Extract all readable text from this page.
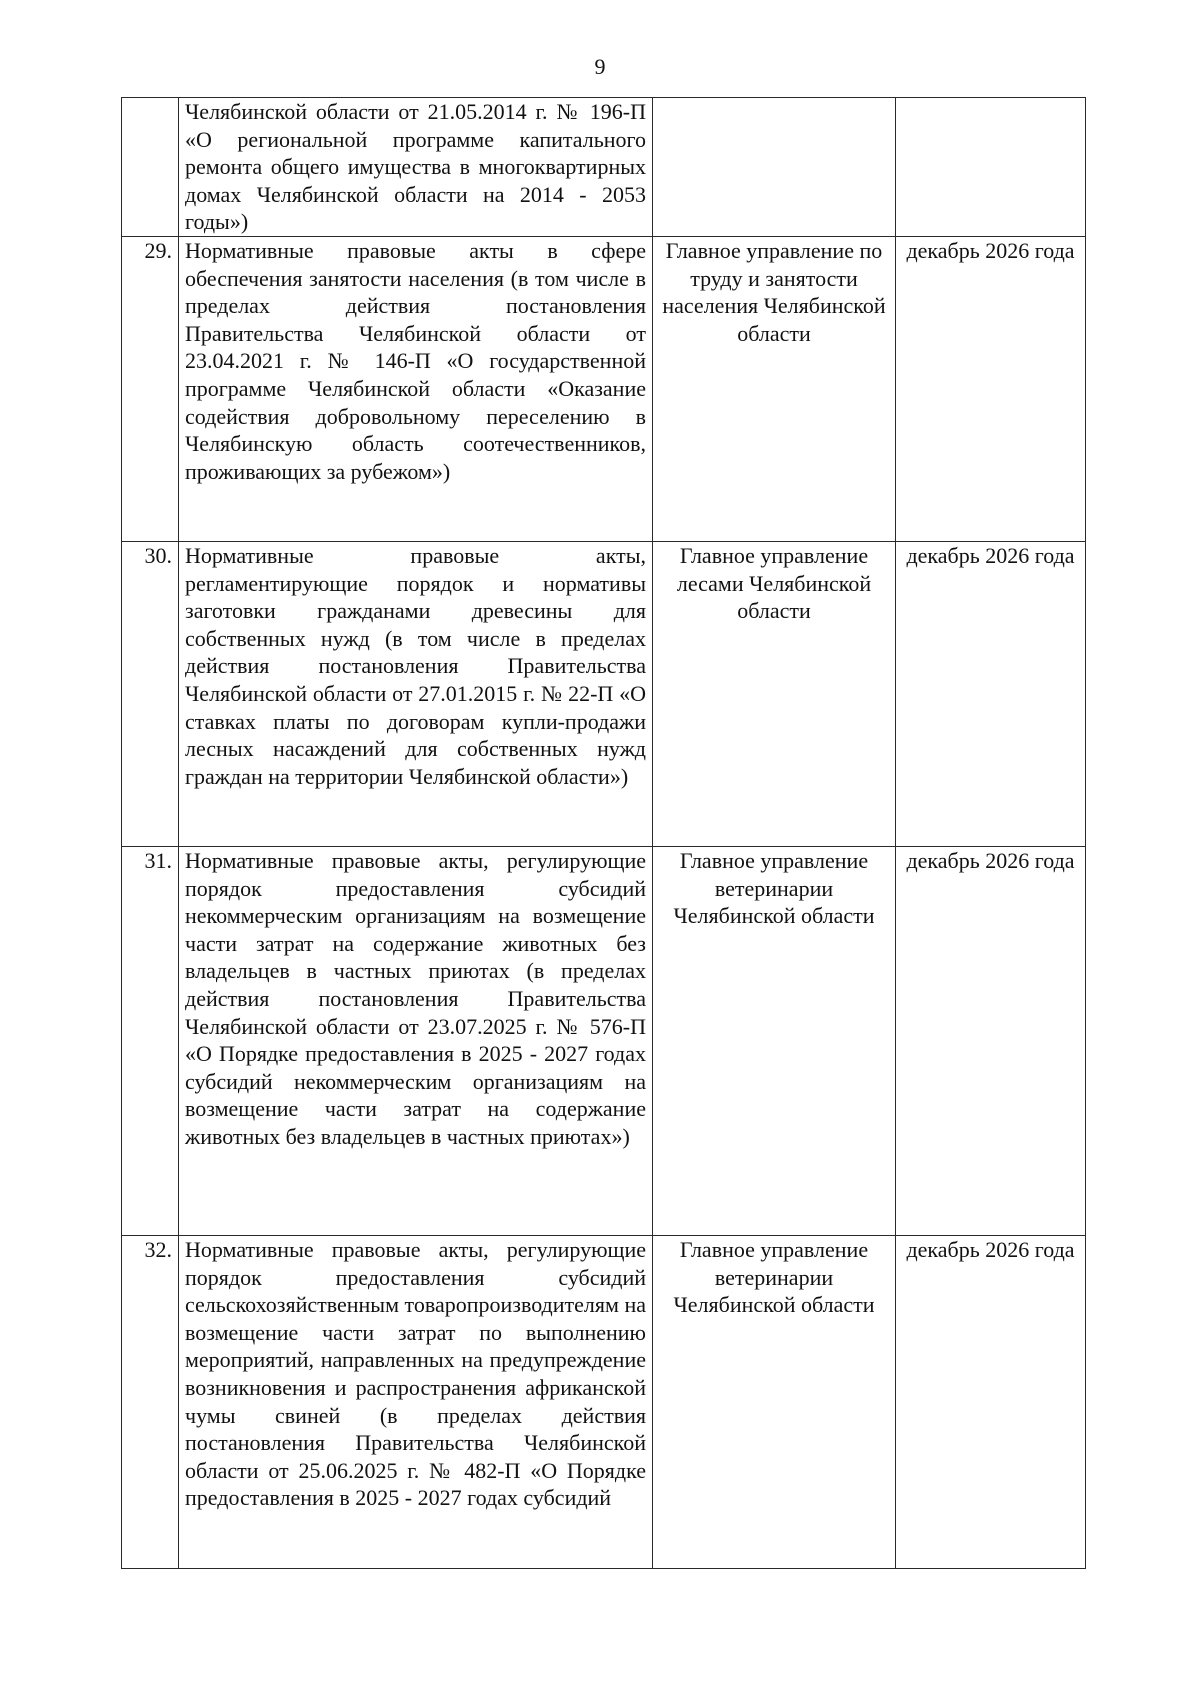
9
	Челябинской области от 21.05.2014 г. № 196-П «О региональной программе капитального ремонта общего имущества в многоквартирных домах Челябинской области на 2014 - 2053 годы»)		
29.	Нормативные правовые акты в сфере обеспечения занятости населения (в том числе в пределах действия постановления Правительства Челябинской области от 23.04.2021 г. № 146-П «О государственной программе Челябинской области «Оказание содействия добровольному переселению в Челябинскую область соотечественников, проживающих за рубежом»)	Главное управление по труду и занятости населения Челябинской области	декабрь 2026 года
30.	Нормативные правовые акты, регламентирующие порядок и нормативы заготовки гражданами древесины для собственных нужд (в том числе в пределах действия постановления Правительства Челябинской области от 27.01.2015 г. № 22-П «О ставках платы по договорам купли-продажи лесных насаждений для собственных нужд граждан на территории Челябинской области»)	Главное управление лесами Челябинской области	декабрь 2026 года
31.	Нормативные правовые акты, регулирующие порядок предоставления субсидий некоммерческим организациям на возмещение части затрат на содержание животных без владельцев в частных приютах (в пределах действия постановления Правительства Челябинской области от 23.07.2025 г. № 576-П «О Порядке предоставления в 2025 - 2027 годах субсидий некоммерческим организациям на возмещение части затрат на содержание животных без владельцев в частных приютах»)	Главное управление ветеринарии Челябинской области	декабрь 2026 года
32.	Нормативные правовые акты, регулирующие порядок предоставления субсидий сельскохозяйственным товаропроизводителям на возмещение части затрат по выполнению мероприятий, направленных на предупреждение возникновения и распространения африканской чумы свиней (в пределах действия постановления Правительства Челябинской области от 25.06.2025 г. № 482-П «О Порядке предоставления в 2025 - 2027 годах субсидий	Главное управление ветеринарии Челябинской области	декабрь 2026 года
